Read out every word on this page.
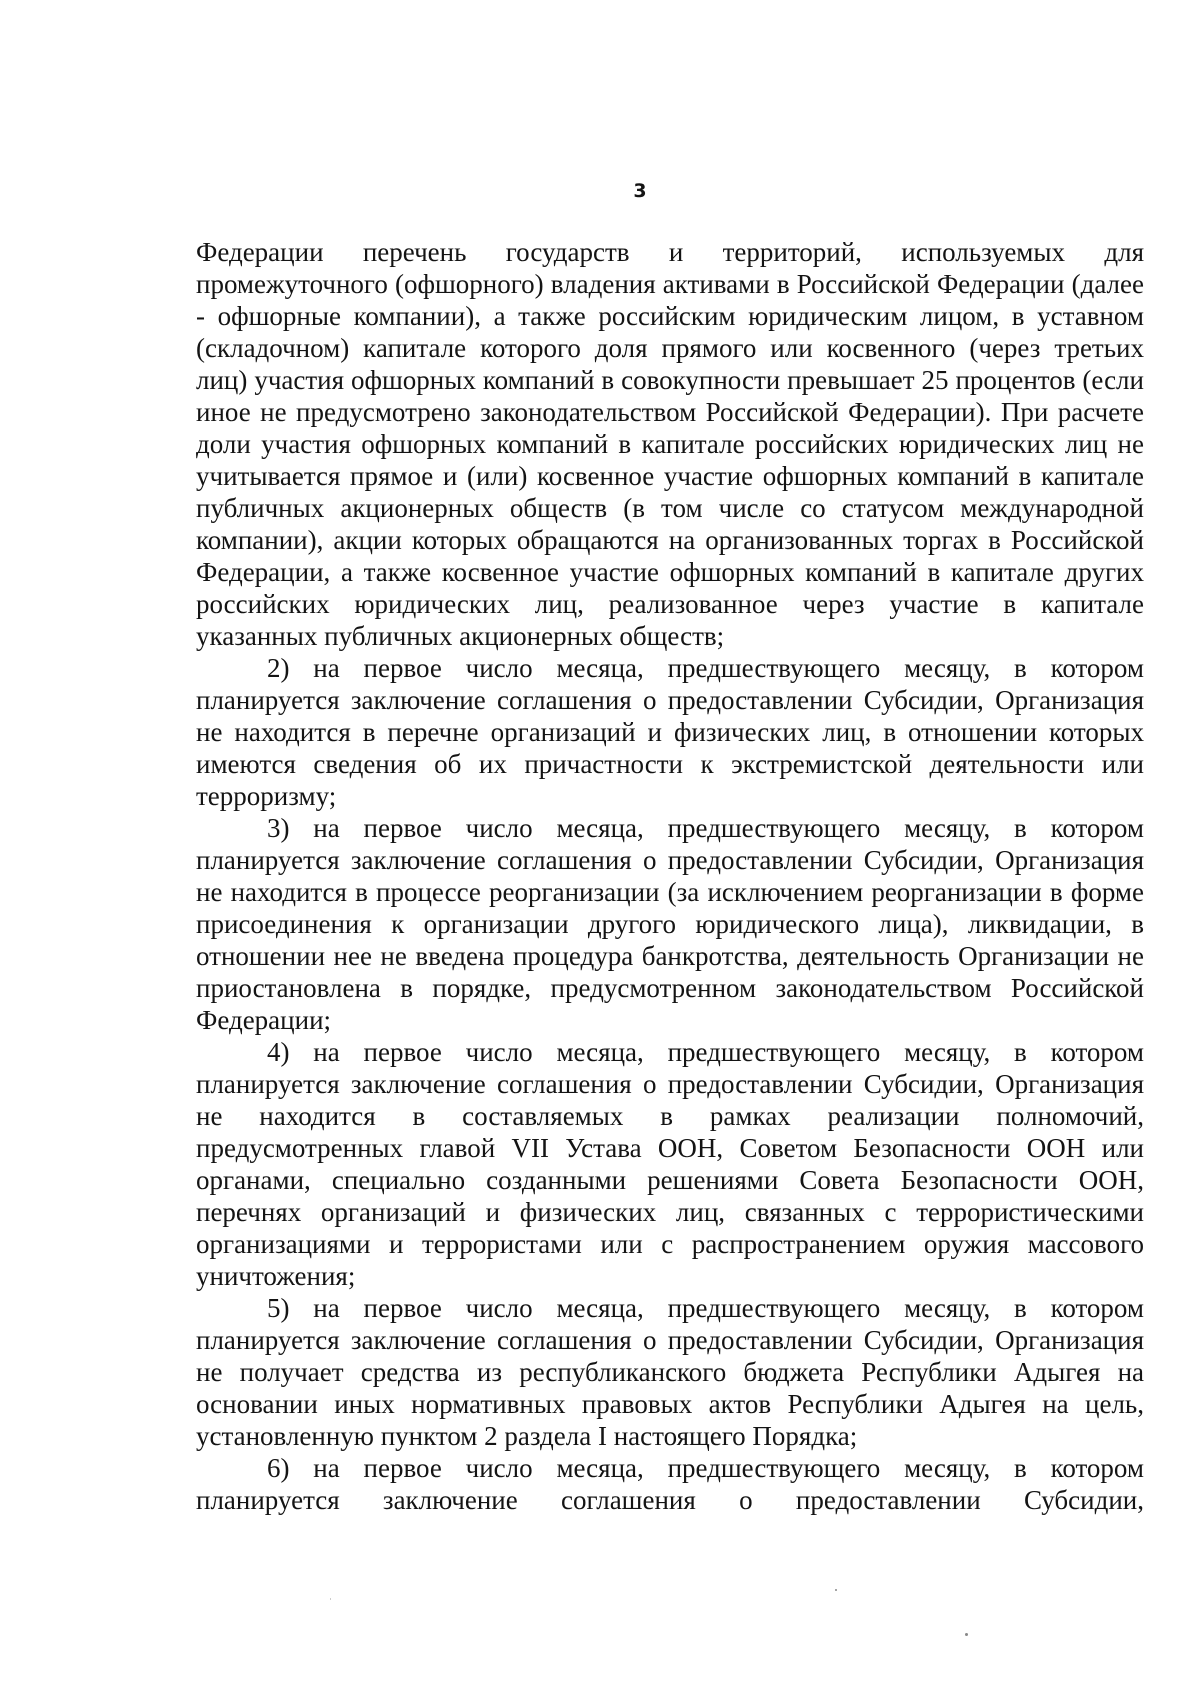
3

Федерации перечень государств и территорий, используемых для промежуточного (офшорного) владения активами в Российской Федерации (далее - офшорные компании), а также российским юридическим лицом, в уставном (складочном) капитале которого доля прямого или косвенного (через третьих лиц) участия офшорных компаний в совокупности превышает 25 процентов (если иное не предусмотрено законодательством Российской Федерации). При расчете доли участия офшорных компаний в капитале российских юридических лиц не учитывается прямое и (или) косвенное участие офшорных компаний в капитале публичных акционерных обществ (в том числе со статусом международной компании), акции которых обращаются на организованных торгах в Российской Федерации, а также косвенное участие офшорных компаний в капитале других российских юридических лиц, реализованное через участие в капитале указанных публичных акционерных обществ;

2) на первое число месяца, предшествующего месяцу, в котором планируется заключение соглашения о предоставлении Субсидии, Организация не находится в перечне организаций и физических лиц, в отношении которых имеются сведения об их причастности к экстремистской деятельности или терроризму;

3) на первое число месяца, предшествующего месяцу, в котором планируется заключение соглашения о предоставлении Субсидии, Организация не находится в процессе реорганизации (за исключением реорганизации в форме присоединения к организации другого юридического лица), ликвидации, в отношении нее не введена процедура банкротства, деятельность Организации не приостановлена в порядке, предусмотренном законодательством Российской Федерации;

4) на первое число месяца, предшествующего месяцу, в котором планируется заключение соглашения о предоставлении Субсидии, Организация не находится в составляемых в рамках реализации полномочий, предусмотренных главой VII Устава ООН, Советом Безопасности ООН или органами, специально созданными решениями Совета Безопасности ООН, перечнях организаций и физических лиц, связанных с террористическими организациями и террористами или с распространением оружия массового уничтожения;

5) на первое число месяца, предшествующего месяцу, в котором планируется заключение соглашения о предоставлении Субсидии, Организация не получает средства из республиканского бюджета Республики Адыгея на основании иных нормативных правовых актов Республики Адыгея на цель, установленную пунктом 2 раздела I настоящего Порядка;

6) на первое число месяца, предшествующего месяцу, в котором планируется заключение соглашения о предоставлении Субсидии,
